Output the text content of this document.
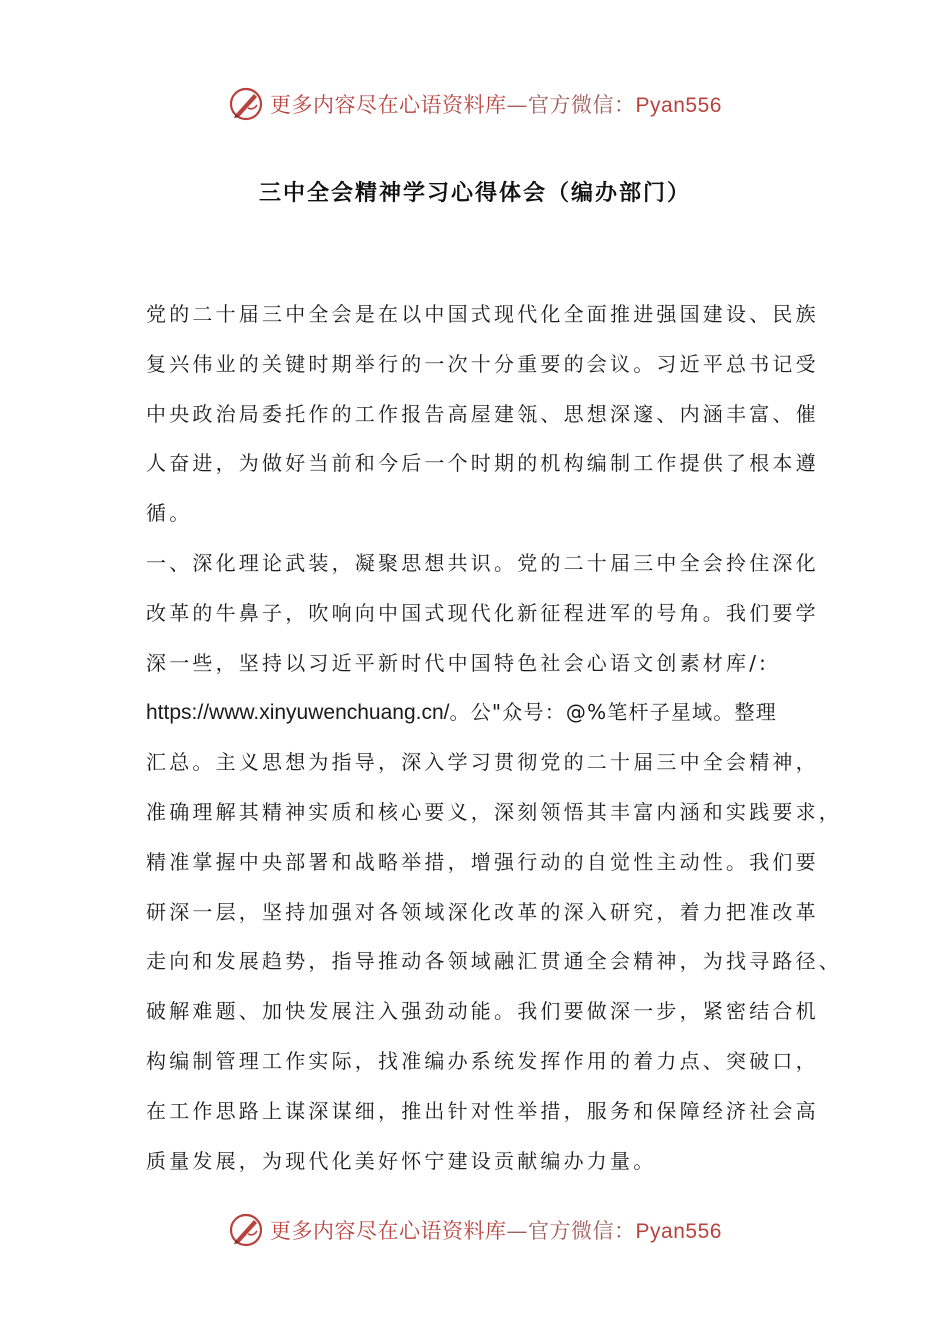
更多内容尽在心语资料库—官方微信：Pyan556
三中全会精神学习心得体会（编办部门）
党的二十届三中全会是在以中国式现代化全面推进强国建设、民族
复兴伟业的关键时期举行的一次十分重要的会议。习近平总书记受
中央政治局委托作的工作报告高屋建瓴、思想深邃、内涵丰富、催
人奋进，为做好当前和今后一个时期的机构编制工作提供了根本遵
循。
一、深化理论武装，凝聚思想共识。党的二十届三中全会拎住深化
改革的牛鼻子，吹响向中国式现代化新征程进军的号角。我们要学
深一些，坚持以习近平新时代中国特色社会心语文创素材库/:
https://www.xinyuwenchuang.cn/。公"众号：@%笔杆子星域。整理
汇总。主义思想为指导，深入学习贯彻党的二十届三中全会精神，
准确理解其精神实质和核心要义，深刻领悟其丰富内涵和实践要求，
精准掌握中央部署和战略举措，增强行动的自觉性主动性。我们要
研深一层，坚持加强对各领域深化改革的深入研究，着力把准改革
走向和发展趋势，指导推动各领域融汇贯通全会精神，为找寻路径、
破解难题、加快发展注入强劲动能。我们要做深一步，紧密结合机
构编制管理工作实际，找准编办系统发挥作用的着力点、突破口，
在工作思路上谋深谋细，推出针对性举措，服务和保障经济社会高
质量发展，为现代化美好怀宁建设贡献编办力量。
更多内容尽在心语资料库—官方微信：Pyan556
